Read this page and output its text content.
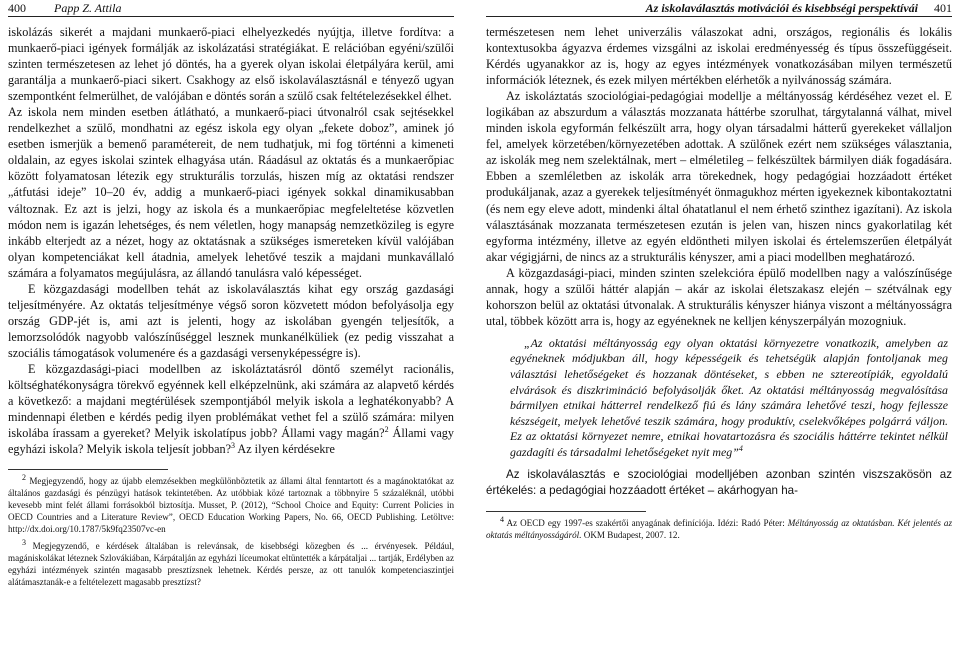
400 Papp Z. Attila	Az iskolaválasztás motivációi és kisebbségi perspektívái 401

iskolázás sikerét a majdani munkaerő-piaci elhelyezkedés nyújtja, illetve fordítva: a munkaerő-piaci igények formálják az iskolázatási stratégiákat. E relációban egyéni/szülői szinten természetesen az lehet jó döntés, ha a gyerek olyan iskolai életpályára kerül, ami garantálja a munkaerő-piaci sikert. Csakhogy az első iskolaválasztásnál e tényező ugyan szempontként felmerülhet, de valójában e döntés során a szülő csak feltételezésekkel élhet.

Az iskola nem minden esetben átlátható, a munkaerő-piaci útvonalról csak sejtésekkel rendelkezhet a szülő, mondhatni az egész iskola egy olyan „fekete doboz”, aminek jó esetben ismerjük a bemenő paramétereit, de nem tudhatjuk, mi fog történni a kimeneti oldalain, az egyes iskolai szintek elhagyása után. Ráadásul az oktatás és a munkaerőpiac között folyamatosan létezik egy strukturális torzulás, hiszen míg az oktatási rendszer „átfutási ideje” 10–20 év, addig a munkaerő-piaci igények sokkal dinamikusabban változnak. Ez azt is jelzi, hogy az iskola és a munkaerőpiac megfeleltetése közvetlen módon nem is igazán lehetséges, és nem véletlen, hogy manapság nemzetközileg is egyre inkább elterjedt az a nézet, hogy az oktatásnak a szükséges ismereteken kívül valójában olyan kompetenciákat kell átadnia, amelyek lehetővé teszik a majdani munkavállaló számára a folyamatos megújulásra, az állandó tanulásra való képességet.

E közgazdasági modellben tehát az iskolaválasztás kihat egy ország gazdasági teljesítményére. Az oktatás teljesítménye végső soron közvetett módon befolyásolja egy ország GDP-jét is, ami azt is jelenti, hogy az iskolában gyengén teljesítők, a lemorzsolódók nagyobb valószínűséggel lesznek munkanélküliek (ez pedig visszahat a szociális támogatások volumenére és a gazdasági versenyképességre is).

E közgazdasági-piaci modellben az iskoláztatásról döntő személyt racionális, költséghatékonyságra törekvő egyénnek kell elképzelnünk, aki számára az alapvető kérdés a következő: a majdani megtérülések szempontjából melyik iskola a leghatékonyabb? A mindennapi életben e kérdés pedig ilyen problémákat vethet fel a szülő számára: milyen iskolába írassam a gyereket? Melyik iskolatípus jobb? Állami vagy magán?$^2$ Állami vagy egyházi iskola? Melyik iskola teljesít jobban?$^3$ Az ilyen kérdésekre

$^2$ Megjegyzendő, hogy az újabb elemzésekben megkülönböztetik az állami által fenntartott és a magánoktatókat az általános gazdasági és pénzügyi hatások tekintetében. Az utóbbiak közé tartoznak a többnyire 5 százaléknál, utóbbi kevesebb mint felét állami forrásokból biztosítja. Musset, P. (2012), “School Choice and Equity: Current Policies in OECD Countries and a Literature Review”, OECD Education Working Papers, No. 66, OECD Publishing. Letöltve: http://dx.doi.org/10.1787/5k9fq23507vc-en

$^3$ Megjegyzendő, e kérdések általában is relevánsak, de kisebbségi közegben és ... érvényesek. Például, magániskolákat léteznek Szlovákiában, Kárpátalján az egyházi líceumokat eltüntették a kárpátaljai ... tartják, Erdélyben az egyházi intézmények szintén magasabb presztízsnek lehetnek. Kérdés persze, az ott tanulók kompetenciaszintjei alátámasztanák-e a feltételezett magasabb presztízst?

természetesen nem lehet univerzális válaszokat adni, országos, regionális és lokális kontextusokba ágyazva érdemes vizsgálni az iskolai eredményesség és típus összefüggéseit. Kérdés ugyanakkor az is, hogy az egyes intézmények vonatkozásában milyen természetű információk léteznek, és ezek milyen mértékben elérhetők a nyilvánosság számára.

Az iskoláztatás szociológiai-pedagógiai modellje a méltányosság kérdéséhez vezet el. E logikában az abszurdum a választás mozzanata háttérbe szorulhat, tárgytalanná válhat, mivel minden iskola egyformán felkészült arra, hogy olyan társadalmi hátterű gyerekeket vállaljon fel, amelyek körzetében/környezetében adottak. A szülőnek ezért nem szükséges választania, az iskolák meg nem szelektálnak, mert – elméletileg – felkészültek bármilyen diák fogadására. Ebben a szemléletben az iskolák arra törekednek, hogy pedagógiai hozzáadott értéket produkáljanak, azaz a gyerekek teljesítményét önmagukhoz mérten igyekeznek kibontakoztatni (és nem egy eleve adott, mindenki által óhatatlanul el nem érhető szinthez igazítani). Az iskola választásának mozzanata természetesen ezután is jelen van, hiszen nincs gyakorlatilag két egyforma intézmény, illetve az egyén eldöntheti milyen iskolai és értelemszerűen életpályát akar végigjárni, de nincs az a strukturális kényszer, ami a piaci modellben meghatározó.

A közgazdasági-piaci, minden szinten szelekcióra épülő modellben nagy a valószínűsége annak, hogy a szülői háttér alapján – akár az iskolai életszakasz elején – szétválnak egy kohorszon belül az oktatási útvonalak. A strukturális kényszer hiánya viszont a méltányosságra utal, többek között arra is, hogy az egyéneknek ne kelljen kényszerpályán mozogniuk.

„Az oktatási méltányosság egy olyan oktatási környezetre vonatkozik, amelyben az egyéneknek módjukban áll, hogy képességeik és tehetségük alapján fontoljanak meg választási lehetőségeket és hozzanak döntéseket, s ebben ne sztereotípiák, egyoldalú elvárások és diszkrimináció befolyásolják őket. Az oktatási méltányosság megvalósítása bármilyen etnikai hátterrel rendelkező fiú és lány számára lehetővé teszi, hogy fejlessze készségeit, melyek lehetővé teszik számára, hogy produktív, cselekvőképes polgárrá váljon. Ez az oktatási környezet nemre, etnikai hovatartozásra és szociális háttérre tekintet nélkül gazdagíti és társadalmi lehetőségeket nyit meg”$^4$

Az iskolaválasztás e szociológiai modelljében azonban szintén viszszakösön az értékelés: a pedagógiai hozzáadott értéket – akárhogyan ha-

$^4$ Az OECD egy 1997-es szakértői anyagának definíciója. Idézi: Radó Péter: Méltányosság az oktatásban. Két jelentés az oktatás méltányosságáról. OKM Budapest, 2007. 12.
